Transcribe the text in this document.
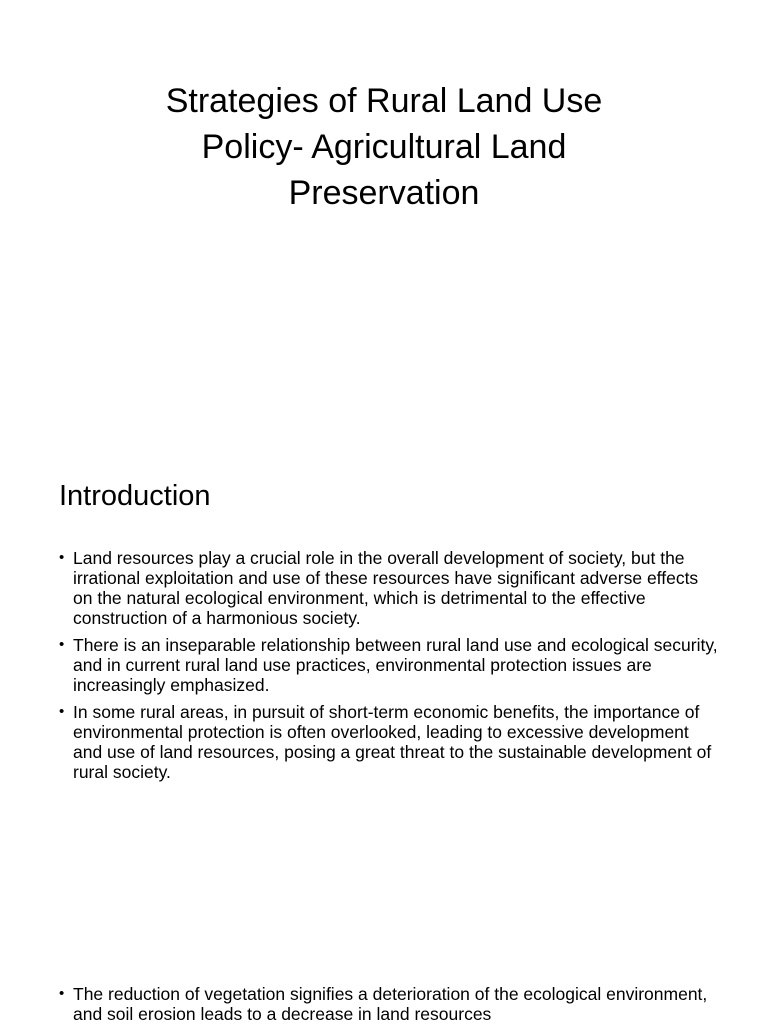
Strategies of Rural Land Use
Policy- Agricultural Land
Preservation
Introduction
• Land resources play a crucial role in the overall development of society, but the irrational exploitation and use of these resources have significant adverse effects on the natural ecological environment, which is detrimental to the effective construction of a harmonious society.
• There is an inseparable relationship between rural land use and ecological security, and in current rural land use practices, environmental protection issues are increasingly emphasized.
• In some rural areas, in pursuit of short-term economic benefits, the importance of environmental protection is often overlooked, leading to excessive development and use of land resources, posing a great threat to the sustainable development of rural society.
• The reduction of vegetation signifies a deterioration of the ecological environment, and soil erosion leads to a decrease in land resources
